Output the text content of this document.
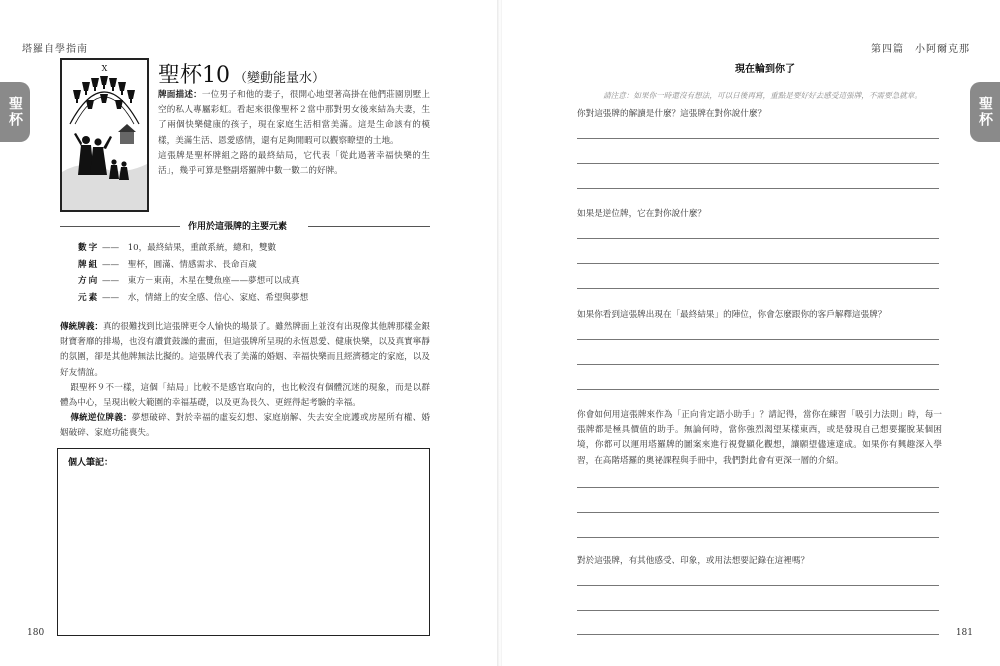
塔羅自學指南
聖杯
X 聖杯10 （變動能量水）

牌面描述：一位男子和他的妻子，很開心地望著高掛在他們莊園別墅上空的私人專屬彩虹。看起來很像聖杯２當中那對男女後來結為夫妻，生了兩個快樂健康的孩子，現在家庭生活相當美滿。這是生命該有的模樣，美滿生活、恩愛感情，還有足夠閒暇可以觀察瞭望的土地。

這張牌是聖杯牌組之路的最終結局，它代表「從此過著幸福快樂的生活」，幾乎可算是整副塔羅牌中數一數二的好牌。

作用於這張牌的主要元素
數字 ——　10，最終結果，重啟系統，總和，雙數
牌組 ——　聖杯，圓滿、情感需求、長命百歲
方向 ——　東方－東南，木星在雙魚座——夢想可以成真
元素 ——　水，情緒上的安全感、信心、家庭、希望與夢想

傳統牌義：真的很難找到比這張牌更令人愉快的場景了。雖然牌面上並沒有出現像其他牌那樣金銀財寶奢靡的排場，也沒有讚賞鼓譟的畫面，但這張牌所呈現的永恆恩愛、健康快樂，以及真實寧靜的氛圍，卻是其他牌無法比擬的。這張牌代表了美滿的婚姻、幸福快樂而且經濟穩定的家庭，以及好友情誼。

跟聖杯９不一樣，這個「結局」比較不是感官取向的，也比較沒有個體沉迷的現象，而是以群體為中心，呈現出較大範圍的幸福基礎，以及更為長久、更經得起考驗的幸福。

傳統逆位牌義：夢想破碎、對於幸福的虛妄幻想、家庭崩解、失去安全庇護或房屋所有權、婚姻破碎、家庭功能喪失。

個人筆記：
180
第四篇　小阿爾克那
聖杯
現在輪到你了
請注意：如果你一時還沒有想法，可以日後再寫，重點是要好好去感受這張牌，不需要急就章。
你對這張牌的解讀是什麼？這張牌在對你說什麼？
如果是逆位牌，它在對你說什麼？
如果你看到這張牌出現在「最終結果」的陣位，你會怎麼跟你的客戶解釋這張牌？
你會如何用這張牌來作為「正向肯定語小助手」？請記得，當你在練習「吸引力法則」時，每一張牌都是極具價值的助手。無論何時，當你強烈渴望某樣東西，或是發現自己想要擺脫某個困境，你都可以運用塔羅牌的圖案來進行視覺顯化觀想，讓願望儘速達成。如果你有興趣深入學習，在高階塔羅的奧祕課程與手冊中，我們對此會有更深一層的介紹。
對於這張牌，有其他感受、印象，或用法想要記錄在這裡嗎？
181
